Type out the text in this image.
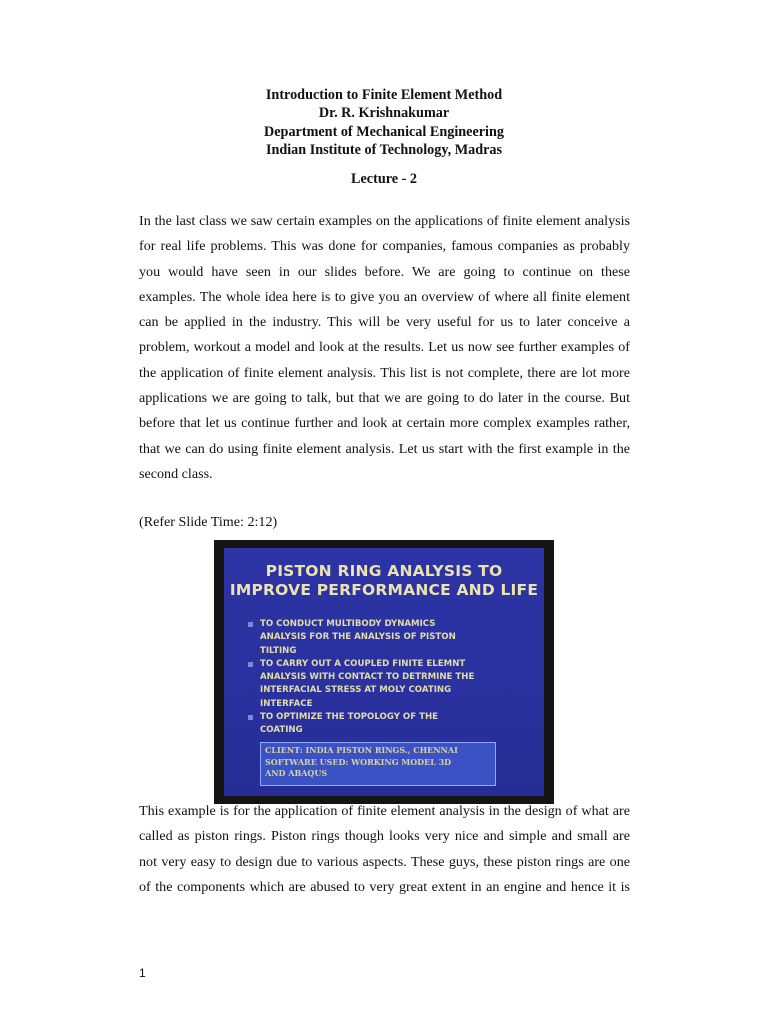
Introduction to Finite Element Method
Dr. R. Krishnakumar
Department of Mechanical Engineering
Indian Institute of Technology, Madras
Lecture - 2
In the last class we saw certain examples on the applications of finite element analysis
for real life problems. This was done for companies, famous companies as probably
you would have seen in our slides before. We are going to continue on these
examples. The whole idea here is to give you an overview of where all finite element
can be applied in the industry. This will be very useful for us to later conceive a
problem, workout a model and look at the results. Let us now see further examples of
the application of finite element analysis. This list is not complete, there are lot more
applications we are going to talk, but that we are going to do later in the course. But
before that let us continue further and look at certain more complex examples rather,
that we can do using finite element analysis. Let us start with the first example in the
second class.
(Refer Slide Time: 2:12)
PISTON RING ANALYSIS TO
IMPROVE PERFORMANCE AND LIFE
TO CONDUCT MULTIBODY DYNAMICS
ANALYSIS FOR THE ANALYSIS OF PISTON
TILTING
TO CARRY OUT A COUPLED FINITE ELEMNT
ANALYSIS WITH CONTACT TO DETRMINE THE
INTERFACIAL STRESS AT MOLY COATING
INTERFACE
TO OPTIMIZE THE TOPOLOGY OF THE
COATING
CLIENT: INDIA PISTON RINGS., CHENNAI
SOFTWARE USED: WORKING MODEL 3D
AND ABAQUS
This example is for the application of finite element analysis in the design of what are
called as piston rings. Piston rings though looks very nice and simple and small are
not very easy to design due to various aspects. These guys, these piston rings are one
of the components which are abused to very great extent in an engine and hence it is
1
